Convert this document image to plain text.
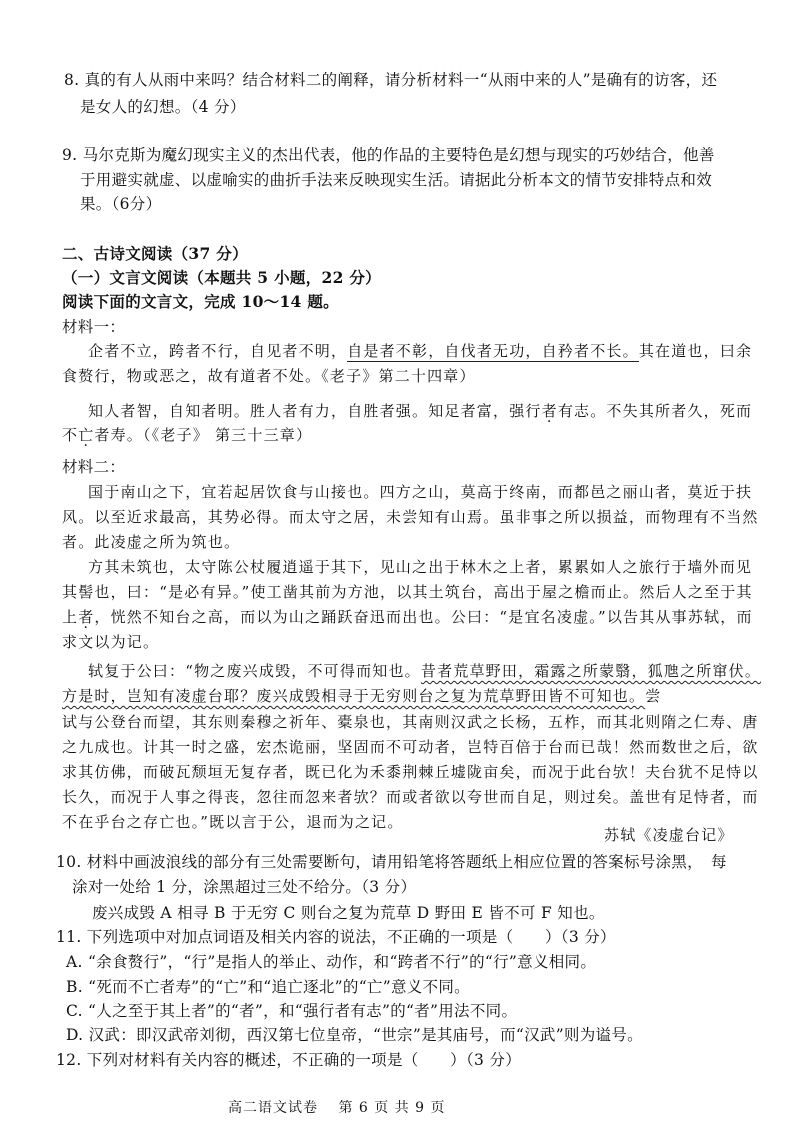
8. 真的有人从雨中来吗？结合材料二的阐释，请分析材料一“从雨中来的人”是确有的访客，还
是女人的幻想。（4 分）
9. 马尔克斯为魔幻现实主义的杰出代表，他的作品的主要特色是幻想与现实的巧妙结合，他善
于用避实就虚、以虚喻实的曲折手法来反映现实生活。请据此分析本文的情节安排特点和效
果。（6分）
二、古诗文阅读（37 分）
（一）文言文阅读（本题共 5 小题，22 分）
阅读下面的文言文，完成 10～14 题。
材料一：
企者不立，跨者不行，自见者不明，自是者不彰，自伐者无功，自矜者不长。其在道也，曰余
食赘行，物或恶之，故有道者不处。《老子》第二十四章）
知人者智，自知者明。胜人者有力，自胜者强。知足者富，强行者有志。不失其所者久，死而
不亡者寿。（《老子》 第三十三章）
材料二：
国于南山之下，宜若起居饮食与山接也。四方之山，莫高于终南，而都邑之丽山者，莫近于扶
风。以至近求最高，其势必得。而太守之居，未尝知有山焉。虽非事之所以损益，而物理有不当然
者。此凌虚之所为筑也。
方其未筑也，太守陈公杖履逍遥于其下，见山之出于林木之上者，累累如人之旅行于墙外而见
其髻也，曰：“是必有异。”使工凿其前为方池，以其土筑台，高出于屋之檐而止。然后人之至于其
上者，恍然不知台之高，而以为山之踊跃奋迅而出也。公曰：“是宜名凌虚。”以告其从事苏轼，而
求文以为记。
轼复于公曰：“物之废兴成毁，不可得而知也。昔者荒草野田，霜露之所蒙翳，狐虺之所窜伏。
方是时，岂知有凌虚台耶？废兴成毁相寻于无穷则台之复为荒草野田皆不可知也。尝
试与公登台而望，其东则秦穆之祈年、橐泉也，其南则汉武之长杨，五柞，而其北则隋之仁寿、唐
之九成也。计其一时之盛，宏杰诡丽，坚固而不可动者，岂特百倍于台而已哉！然而数世之后，欲
求其仿佛，而破瓦颓垣无复存者，既已化为禾黍荆棘丘墟陇亩矣，而况于此台欤！夫台犹不足恃以
长久，而况于人事之得丧，忽往而忽来者欤？而或者欲以夸世而自足，则过矣。盖世有足恃者，而
不在乎台之存亡也。”既以言于公，退而为之记。
苏轼《凌虚台记》
10. 材料中画波浪线的部分有三处需要断句，请用铅笔将答题纸上相应位置的答案标号涂黑，　每
涂对一处给 1 分，涂黑超过三处不给分。（3 分）
废兴成毁 A 相寻 B 于无穷 C 则台之复为荒草 D 野田 E 皆不可 F 知也。
11. 下列选项中对加点词语及相关内容的说法，不正确的一项是（　　）（3 分）
A. “余食赘行”，“行”是指人的举止、动作，和“跨者不行”的“行”意义相同。
B. “死而不亡者寿”的“亡”和“追亡逐北”的“亡”意义不同。
C. “人之至于其上者”的“者”，和“强行者有志”的“者”用法不同。
D. 汉武：即汉武帝刘彻，西汉第七位皇帝，“世宗”是其庙号，而“汉武”则为谥号。
12. 下列对材料有关内容的概述，不正确的一项是（　　）（3 分）
高二语文试卷　 第 6 页 共 9 页
